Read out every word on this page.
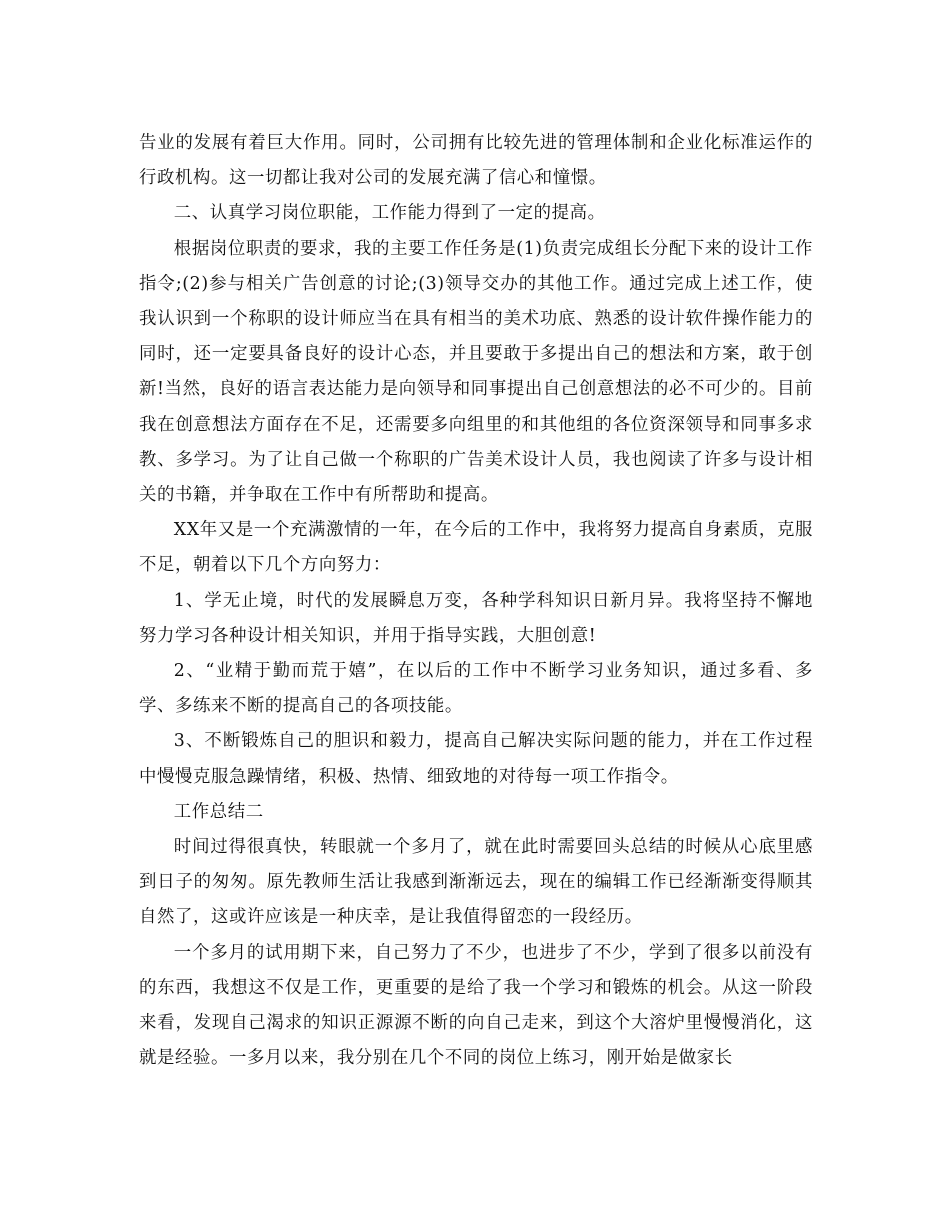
告业的发展有着巨大作用。同时，公司拥有比较先进的管理体制和企业化标准运作的行政机构。这一切都让我对公司的发展充满了信心和憧憬。

二、认真学习岗位职能，工作能力得到了一定的提高。

根据岗位职责的要求，我的主要工作任务是(1)负责完成组长分配下来的设计工作指令;(2)参与相关广告创意的讨论;(3)领导交办的其他工作。通过完成上述工作，使我认识到一个称职的设计师应当在具有相当的美术功底、熟悉的设计软件操作能力的同时，还一定要具备良好的设计心态，并且要敢于多提出自己的想法和方案，敢于创新!当然，良好的语言表达能力是向领导和同事提出自己创意想法的必不可少的。目前我在创意想法方面存在不足，还需要多向组里的和其他组的各位资深领导和同事多求教、多学习。为了让自己做一个称职的广告美术设计人员，我也阅读了许多与设计相关的书籍，并争取在工作中有所帮助和提高。

XX年又是一个充满激情的一年，在今后的工作中，我将努力提高自身素质，克服不足，朝着以下几个方向努力：

1、学无止境，时代的发展瞬息万变，各种学科知识日新月异。我将坚持不懈地努力学习各种设计相关知识，并用于指导实践，大胆创意!

2、“业精于勤而荒于嬉”，在以后的工作中不断学习业务知识，通过多看、多学、多练来不断的提高自己的各项技能。

3、不断锻炼自己的胆识和毅力，提高自己解决实际问题的能力，并在工作过程中慢慢克服急躁情绪，积极、热情、细致地的对待每一项工作指令。

工作总结二

时间过得很真快，转眼就一个多月了，就在此时需要回头总结的时候从心底里感到日子的匆匆。原先教师生活让我感到渐渐远去，现在的编辑工作已经渐渐变得顺其自然了，这或许应该是一种庆幸，是让我值得留恋的一段经历。

一个多月的试用期下来，自己努力了不少，也进步了不少，学到了很多以前没有的东西，我想这不仅是工作，更重要的是给了我一个学习和锻炼的机会。从这一阶段来看，发现自己渴求的知识正源源不断的向自己走来，到这个大溶炉里慢慢消化，这就是经验。一多月以来，我分别在几个不同的岗位上练习，刚开始是做家长
